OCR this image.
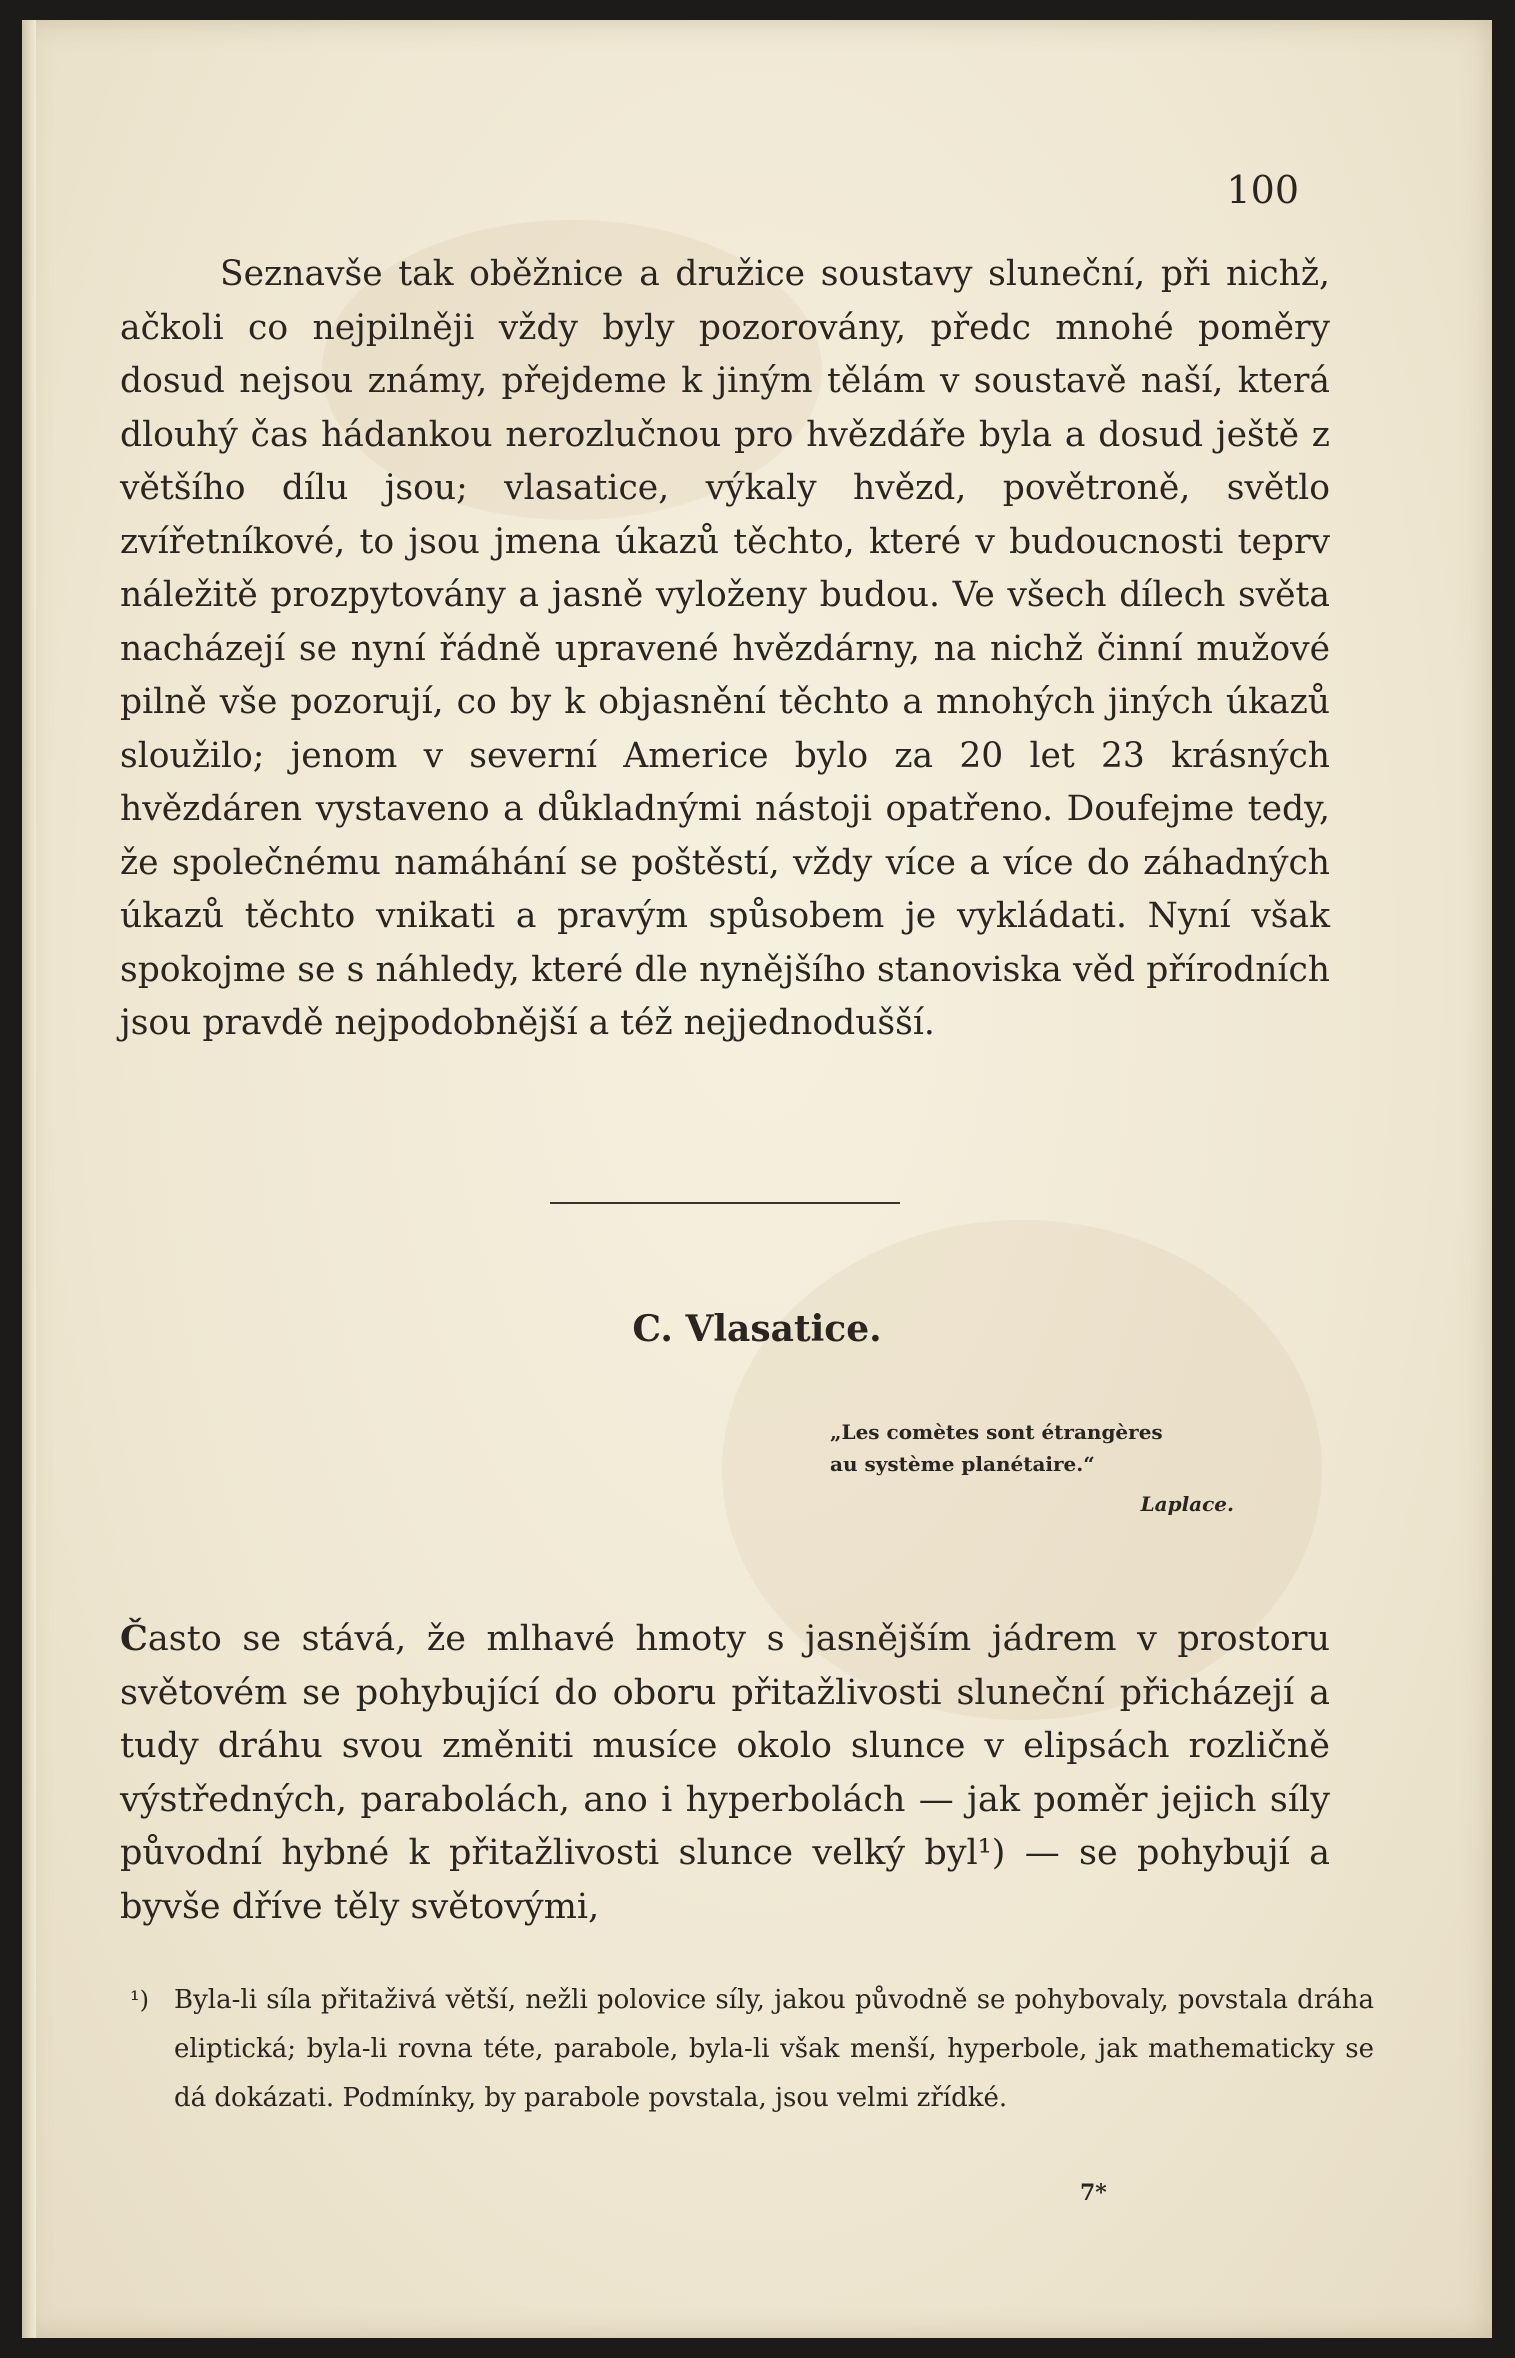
100

Seznavše tak oběžnice a družice soustavy sluneční, při nichž, ačkoli co nejpilněji vždy byly pozorovány, předc mnohé poměry dosud nejsou známy, přejdeme k jiným tělám v soustavě naší, která dlouhý čas hádankou nerozlučnou pro hvězdáře byla a dosud ještě z většího dílu jsou; vlasatice, výkaly hvězd, povětroně, světlo zvířetníkové, to jsou jmena úkazů těchto, které v budoucnosti teprv náležitě prozpytovány a jasně vyloženy budou. Ve všech dílech světa nacházejí se nyní řádně upravené hvězdárny, na nichž činní mužové pilně vše pozorují, co by k objasnění těchto a mnohých jiných úkazů sloužilo; jenom v severní Americe bylo za 20 let 23 krásných hvězdáren vystaveno a důkladnými nástoji opatřeno. Doufejme tedy, že společnému namáhání se poštěstí, vždy více a více do záhadných úkazů těchto vnikati a pravým spůsobem je vykládati. Nyní však spokojme se s náhledy, které dle nynějšího stanoviska věd přírodních jsou pravdě nejpodobnější a též nejjednodušší.

C. Vlasatice.
„Les comètes sont étrangères
au système planétaire.“
Laplace.

Často se stává, že mlhavé hmoty s jasnějším jádrem v prostoru světovém se pohybující do oboru přitažlivosti sluneční přicházejí a tudy dráhu svou změniti musíce okolo slunce v elipsách rozličně výstředných, parabolách, ano i hyperbolách — jak poměr jejich síly původní hybné k přitažlivosti slunce velký byl¹) — se pohybují a byvše dříve těly světovými,

¹) Byla-li síla přitaživá větší, nežli polovice síly, jakou původně se pohybovaly, povstala dráha eliptická; byla-li rovna téte, parabole, byla-li však menší, hyperbole, jak mathematicky se dá dokázati. Podmínky, by parabole povstala, jsou velmi zřídké.
7*
